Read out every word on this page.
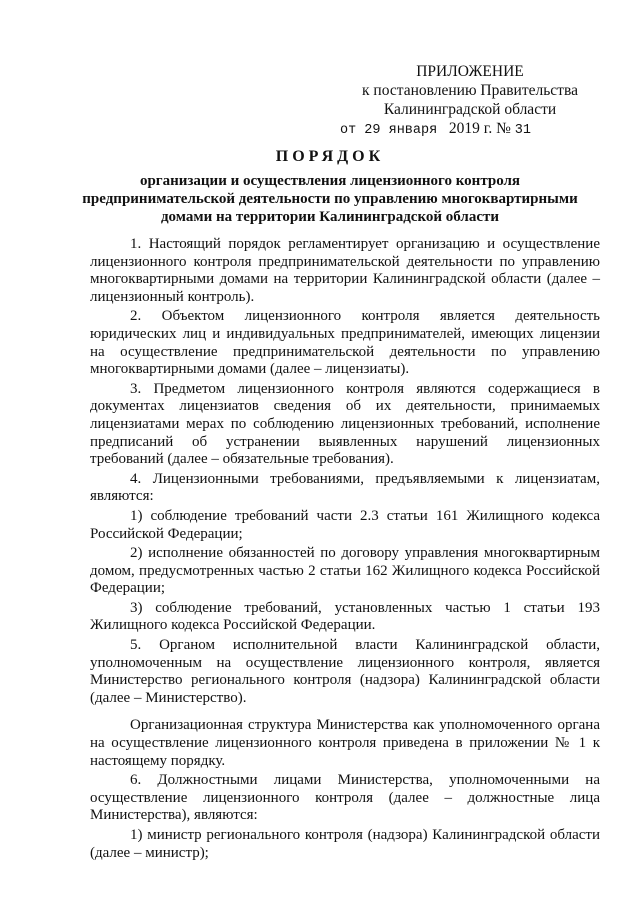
ПРИЛОЖЕНИЕ
к постановлению Правительства
Калининградской области
от 29 января 2019 г. № 31
ПОРЯДОК
организации и осуществления лицензионного контроля
предпринимательской деятельности по управлению многоквартирными
домами на территории Калининградской области

1. Настоящий порядок регламентирует организацию и осуществление лицензионного контроля предпринимательской деятельности по управлению многоквартирными домами на территории Калининградской области (далее – лицензионный контроль).

2. Объектом лицензионного контроля является деятельность юридических лиц и индивидуальных предпринимателей, имеющих лицензии на осуществление предпринимательской деятельности по управлению многоквартирными домами (далее – лицензиаты).

3. Предметом лицензионного контроля являются содержащиеся в документах лицензиатов сведения об их деятельности, принимаемых лицензиатами мерах по соблюдению лицензионных требований, исполнение предписаний об устранении выявленных нарушений лицензионных требований (далее – обязательные требования).

4. Лицензионными требованиями, предъявляемыми к лицензиатам, являются:

1) соблюдение требований части 2.3 статьи 161 Жилищного кодекса Российской Федерации;

2) исполнение обязанностей по договору управления многоквартирным домом, предусмотренных частью 2 статьи 162 Жилищного кодекса Российской Федерации;

3) соблюдение требований, установленных частью 1 статьи 193 Жилищного кодекса Российской Федерации.

5. Органом исполнительной власти Калининградской области, уполномоченным на осуществление лицензионного контроля, является Министерство регионального контроля (надзора) Калининградской области (далее – Министерство).

Организационная структура Министерства как уполномоченного органа на осуществление лицензионного контроля приведена в приложении № 1 к настоящему порядку.

6. Должностными лицами Министерства, уполномоченными на осуществление лицензионного контроля (далее – должностные лица Министерства), являются:

1) министр регионального контроля (надзора) Калининградской области (далее – министр);
